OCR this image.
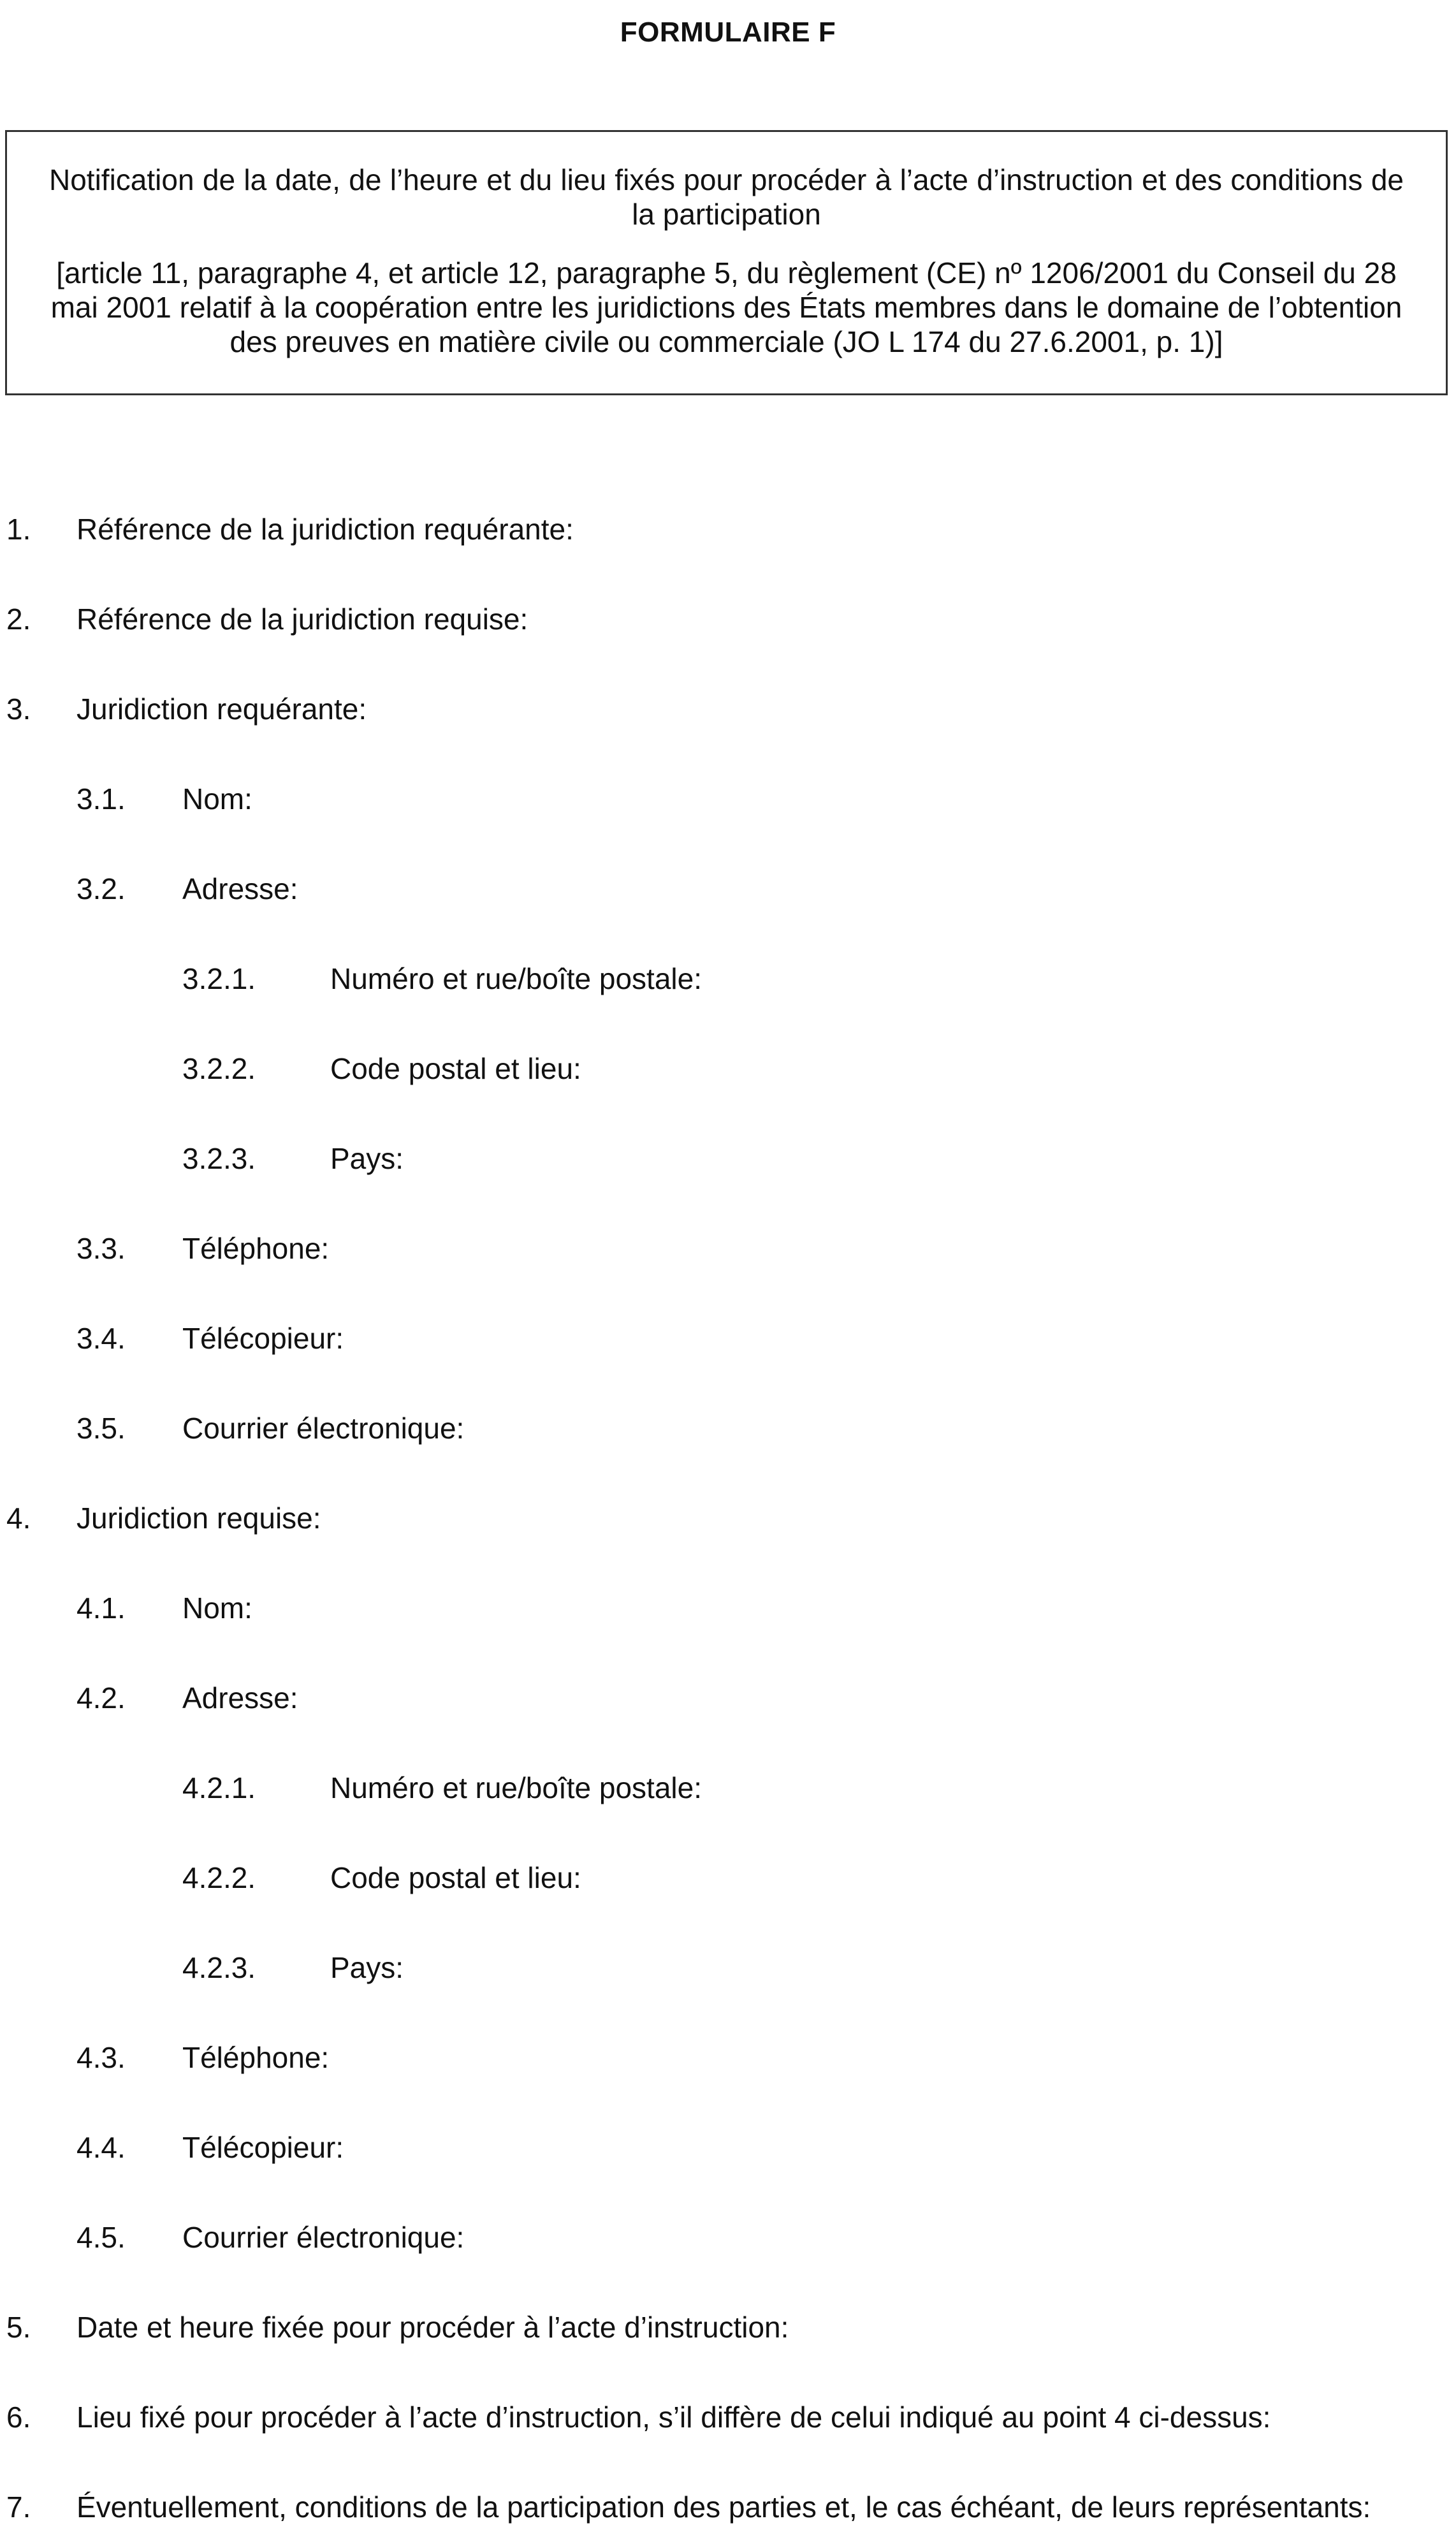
FORMULAIRE F

Notification de la date, de l’heure et du lieu fixés pour procéder à l’acte d’instruction et des conditions de la participation

[article 11, paragraphe 4, et article 12, paragraphe 5, du règlement (CE) nº 1206/2001 du Conseil du 28 mai 2001 relatif à la coopération entre les juridictions des États membres dans le domaine de l’obtention des preuves en matière civile ou commerciale (JO L 174 du 27.6.2001, p. 1)]

1. Référence de la juridiction requérante:
2. Référence de la juridiction requise:
3. Juridiction requérante:
3.1. Nom:
3.2. Adresse:
3.2.1.	Numéro et rue/boîte postale:
3.2.2.	Code postal et lieu:
3.2.3.	Pays:
3.3. Téléphone:
3.4. Télécopieur:
3.5. Courrier électronique:
4. Juridiction requise:
4.1. Nom:
4.2. Adresse:
4.2.1.	Numéro et rue/boîte postale:
4.2.2.	Code postal et lieu:
4.2.3.	Pays:
4.3. Téléphone:
4.4. Télécopieur:
4.5. Courrier électronique:
5. Date et heure fixée pour procéder à l’acte d’instruction:
6. Lieu fixé pour procéder à l’acte d’instruction, s’il diffère de celui indiqué au point 4 ci-dessus:
7. Éventuellement, conditions de la participation des parties et, le cas échéant, de leurs représentants:
